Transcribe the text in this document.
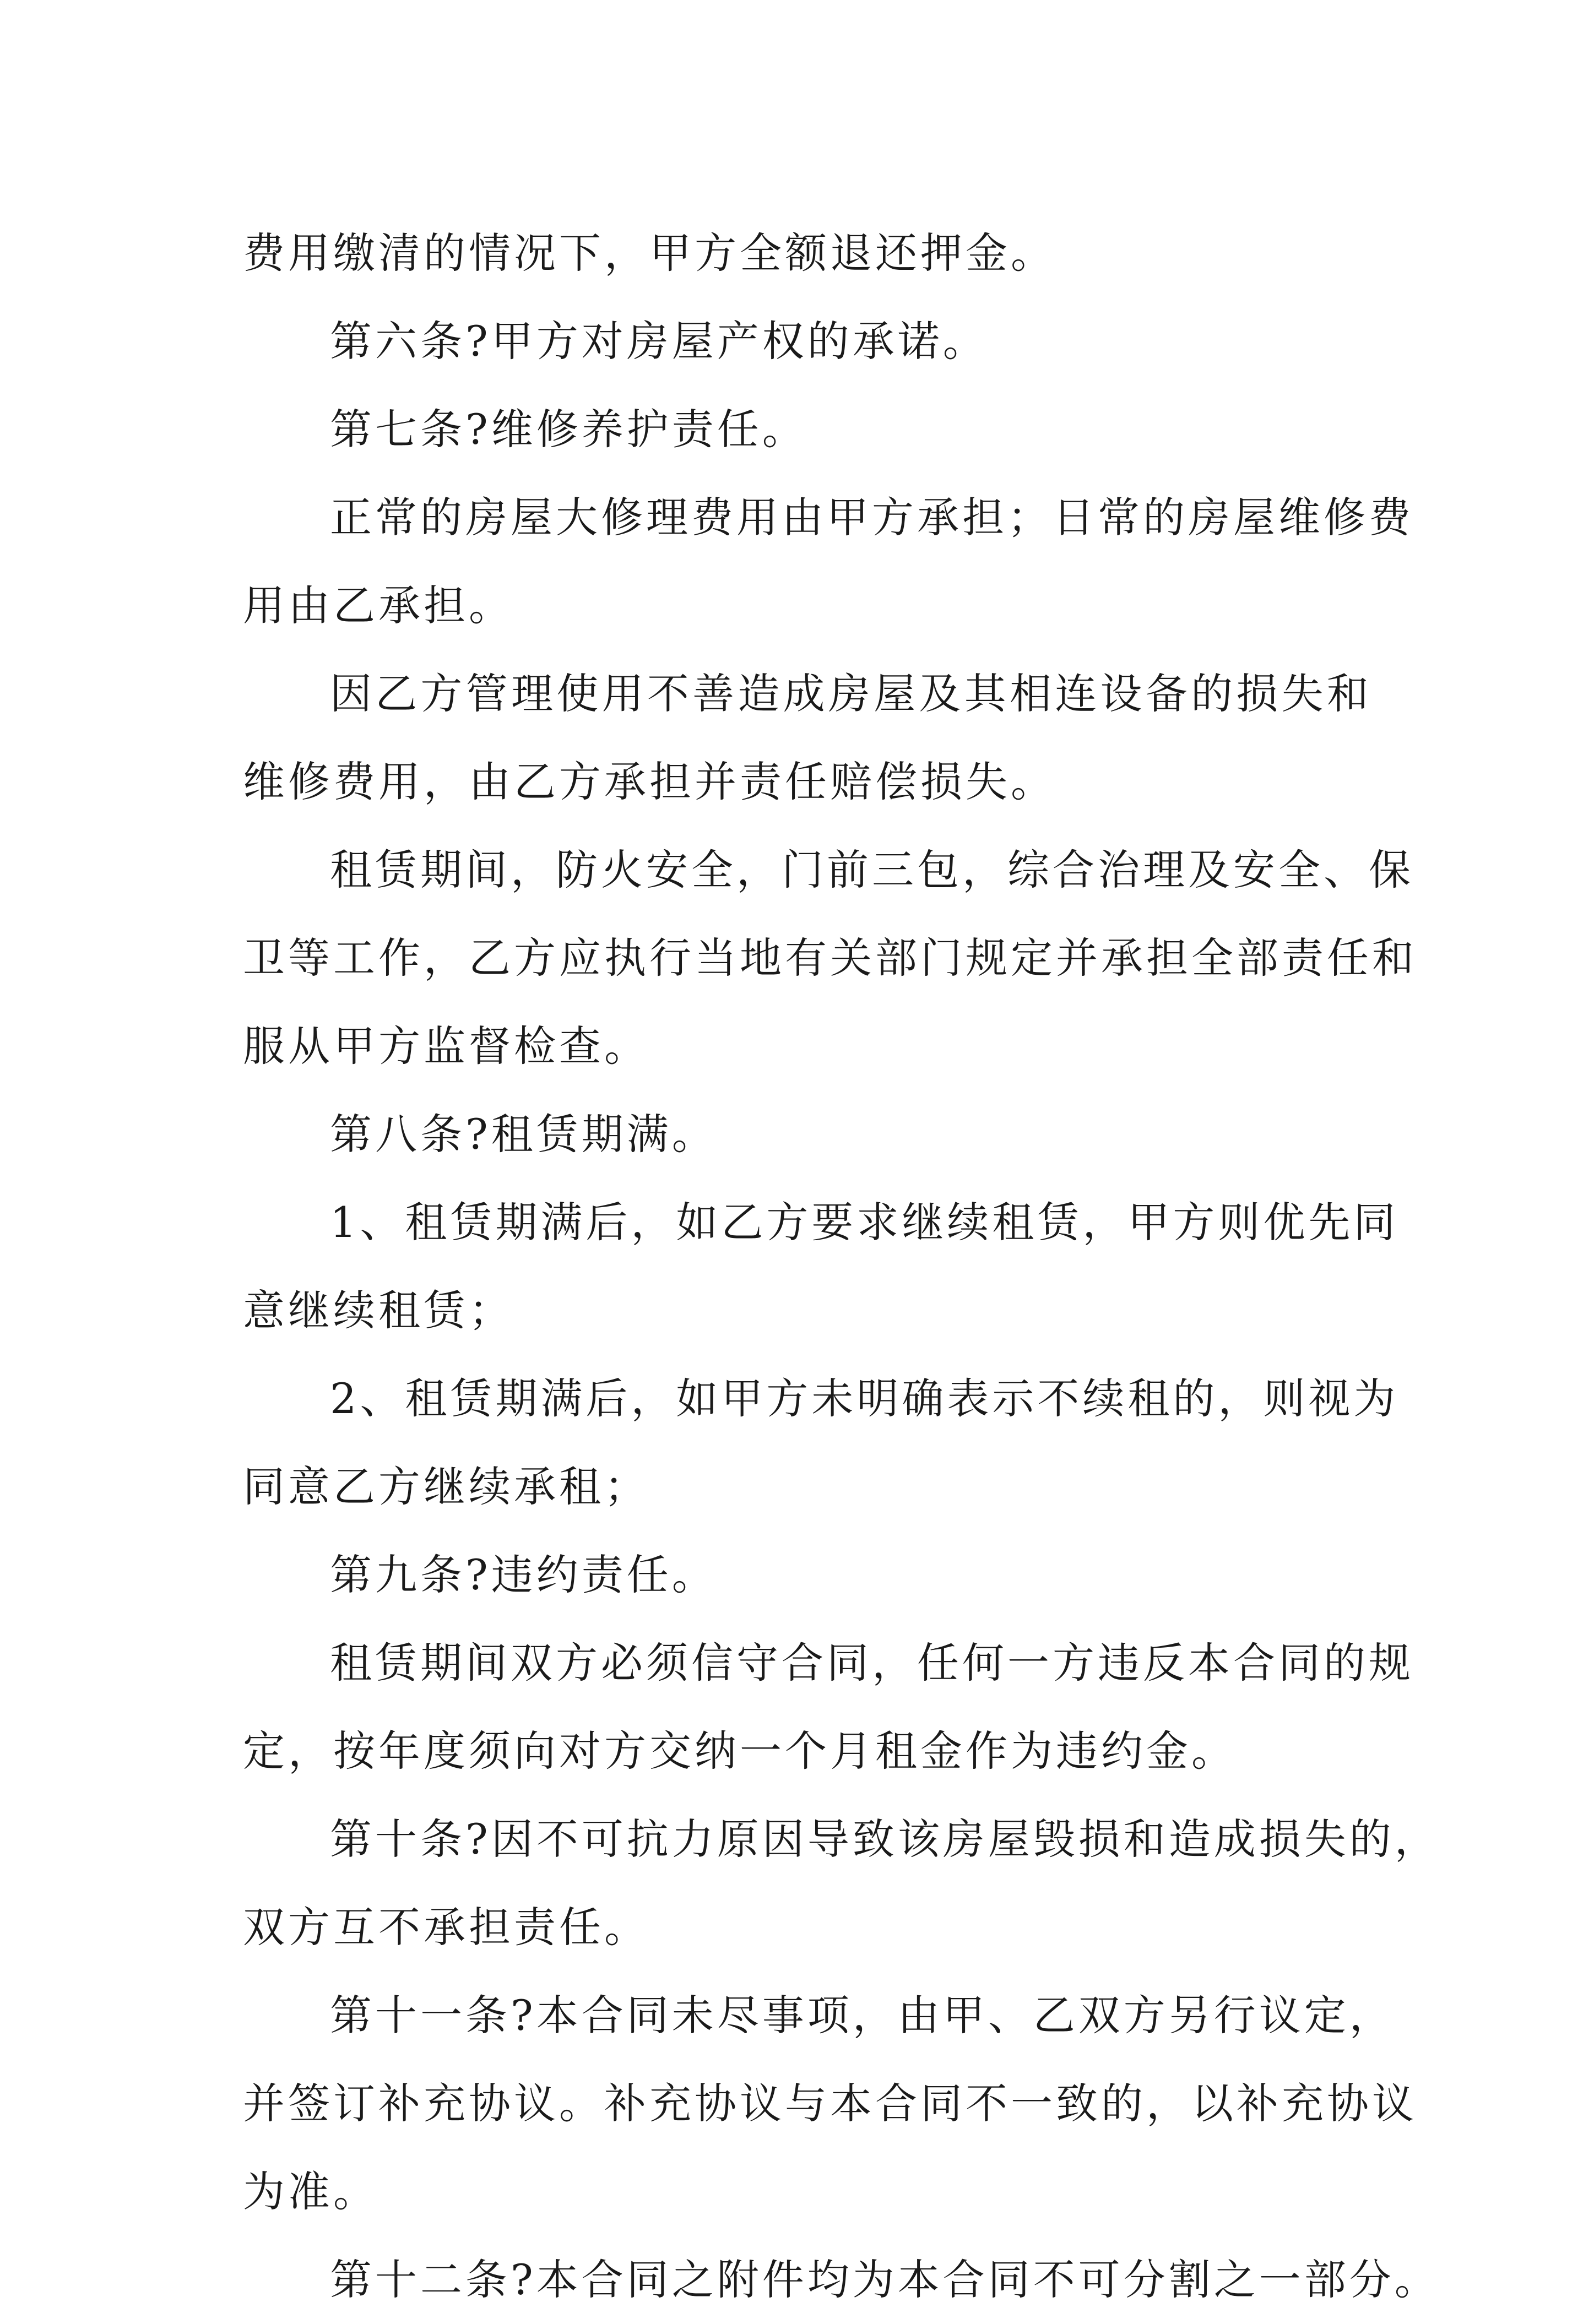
费用缴清的情况下，甲方全额退还押金。
第六条?甲方对房屋产权的承诺。
第七条?维修养护责任。
正 常 的 房 屋 大 修 理 费 用 由 甲 方 承 担 ； 日 常 的 房 屋 维 修 费
用由乙承担。
因 乙 方 管 理 使 用 不 善 造 成 房 屋 及 其 相 连 设 备 的 损 失 和
维修费用，由乙方承担并责任赔偿损失。
租 赁 期 间 ， 防 火 安 全 ， 门 前 三 包 ， 综 合 治 理 及 安 全 、 保
卫 等 工 作 ， 乙 方 应 执 行 当 地 有 关 部 门 规 定 并 承 担 全 部 责 任 和
服从甲方监督检查。
第八条?租赁期满。
1 、 租 赁 期 满 后 ， 如 乙 方 要 求 继 续 租 赁 ， 甲 方 则 优 先 同
意继续租赁；
2 、 租 赁 期 满 后 ， 如 甲 方 未 明 确 表 示 不 续 租 的 ， 则 视 为
同意乙方继续承租；
第九条?违约责任。
租 赁 期 间 双 方 必 须 信 守 合 同 ， 任 何 一 方 违 反 本 合 同 的 规
定，按年度须向对方交纳一个月租金作为违约金。
第 十 条 ? 因 不 可 抗 力 原 因 导 致 该 房 屋 毁 损 和 造 成 损 失 的 ，
双方互不承担责任。
第 十 一 条 ? 本 合 同 未 尽 事 项 ， 由 甲 、 乙 双 方 另 行 议 定 ，
并 签 订 补 充 协 议 。 补 充 协 议 与 本 合 同 不 一 致 的 ， 以 补 充 协 议
为准。
第 十 二 条 ? 本 合 同 之 附 件 均 为 本 合 同 不 可 分 割 之 一 部 分 。
